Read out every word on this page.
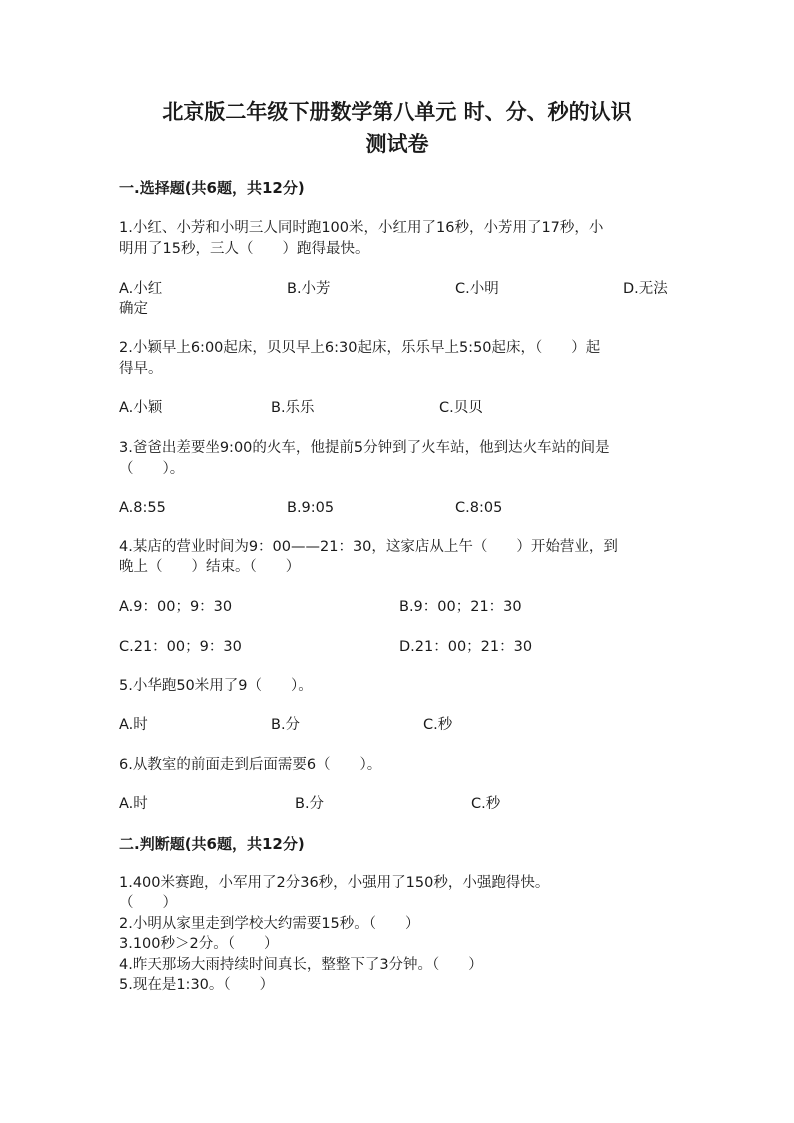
北京版二年级下册数学第八单元 时、分、秒的认识
测试卷
一.选择题(共6题，共12分)
1.小红、小芳和小明三人同时跑100米，小红用了16秒，小芳用了17秒，小
明用了15秒，三人（　　）跑得最快。
A.小红	B.小芳	C.小明	D.无法
确定
2.小颖早上6:00起床，贝贝早上6:30起床，乐乐早上5:50起床，（　　）起
得早。
A.小颖	B.乐乐	C.贝贝
3.爸爸出差要坐9:00的火车，他提前5分钟到了火车站，他到达火车站的间是
（　　）。
A.8:55	B.9:05	C.8:05
4.某店的营业时间为9：00——21：30，这家店从上午（　　）开始营业，到
晚上（　　）结束。（　　）
A.9：00；9：30	B.9：00；21：30
C.21：00；9：30	D.21：00；21：30
5.小华跑50米用了9（　　）。
A.时	B.分	C.秒
6.从教室的前面走到后面需要6（　　）。
A.时	B.分	C.秒
二.判断题(共6题，共12分)
1.400米赛跑，小军用了2分36秒，小强用了150秒，小强跑得快。
（　　）
2.小明从家里走到学校大约需要15秒。（　　）
3.100秒＞2分。（　　）
4.昨天那场大雨持续时间真长，整整下了3分钟。（　　）
5.现在是1:30。（　　）
